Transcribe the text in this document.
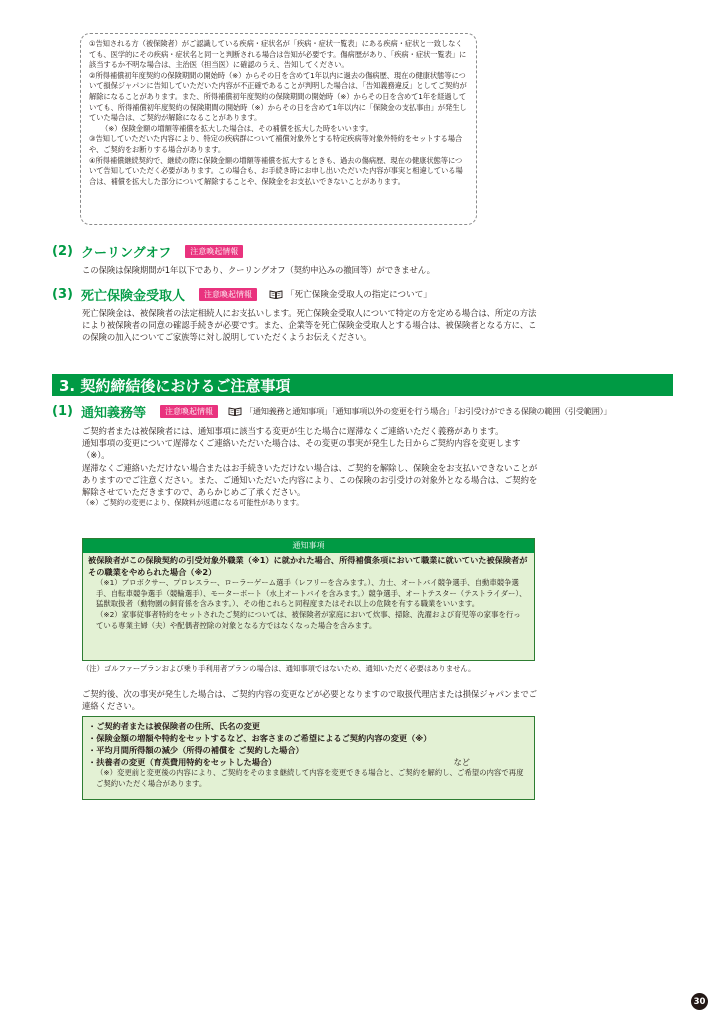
①告知される方（被保険者）がご認識している疾病・症状名が「疾病・症状一覧表」にある疾病・症状と一致しなくても、医学的にその疾病・症状名と同一と判断される場合は告知が必要です。傷病歴があり、「疾病・症状一覧表」に該当するか不明な場合は、主治医（担当医）に確認のうえ、告知してください。

②所得補償初年度契約の保険期間の開始時（※）からその日を含めて1年以内に過去の傷病歴、現在の健康状態等について損保ジャパンに告知していただいた内容が不正確であることが判明した場合は、「告知義務違反」としてご契約が解除になることがあります。また、所得補償初年度契約の保険期間の開始時（※）からその日を含めて1年を経過していても、所得補償初年度契約の保険期間の開始時（※）からその日を含めて1年以内に「保険金の支払事由」が発生していた場合は、ご契約が解除になることがあります。

（※）保険金額の増額等補償を拡大した場合は、その補償を拡大した時をいいます。

③告知していただいた内容により、特定の疾病群について補償対象外とする特定疾病等対象外特約をセットする場合や、ご契約をお断りする場合があります。

④所得補償継続契約で、継続の際に保険金額の増額等補償を拡大するときも、過去の傷病歴、現在の健康状態等について告知していただく必要があります。この場合も、お手続き時にお申し出いただいた内容が事実と相違している場合は、補償を拡大した部分について解除することや、保険金をお支払いできないことがあります。

(2) クーリングオフ	注意喚起情報

この保険は保険期間が1年以下であり、クーリングオフ（契約申込みの撤回等）ができません。

(3) 死亡保険金受取人	注意喚起情報	「死亡保険金受取人の指定について」

死亡保険金は、被保険者の法定相続人にお支払いします。死亡保険金受取人について特定の方を定める場合は、所定の方法により被保険者の同意の確認手続きが必要です。また、企業等を死亡保険金受取人とする場合は、被保険者となる方に、この保険の加入についてご家族等に対し説明していただくようお伝えください。

3. 契約締結後におけるご注意事項
(1) 通知義務等	注意喚起情報	「通知義務と通知事項」「通知事項以外の変更を行う場合」「お引受けができる保険の範囲（引受範囲）」

ご契約者または被保険者には、通知事項に該当する変更が生じた場合に遅滞なくご連絡いただく義務があります。

通知事項の変更について遅滞なくご連絡いただいた場合は、その変更の事実が発生した日からご契約内容を変更します（※）。

遅滞なくご連絡いただけない場合またはお手続きいただけない場合は、ご契約を解除し、保険金をお支払いできないことがありますのでご注意ください。また、ご通知いただいた内容により、この保険のお引受けの対象外となる場合は、ご契約を解除させていただきますので、あらかじめご了承ください。

（※）ご契約の変更により、保険料が返還になる可能性があります。

通知事項

被保険者がこの保険契約の引受対象外職業（※1）に就かれた場合、所得補償条項において職業に就いていた被保険者がその職業をやめられた場合（※2）

（※1）プロボクサー、プロレスラー、ローラーゲーム選手（レフリーを含みます。）、力士、オートバイ競争選手、自動車競争選手、自転車競争選手（競輪選手）、モーターボート（水上オートバイを含みます。）競争選手、オートテスター（テストライダー）、猛獣取扱者（動物園の飼育係を含みます。）、その他これらと同程度またはそれ以上の危険を有する職業をいいます。

（※2）家事従事者特約をセットされたご契約については、被保険者が家庭において炊事、掃除、洗濯および育児等の家事を行っている専業主婦（夫）や配偶者控除の対象となる方ではなくなった場合を含みます。

（注）ゴルファープランおよび乗り手利用者プランの場合は、通知事項ではないため、通知いただく必要はありません。

ご契約後、次の事実が発生した場合は、ご契約内容の変更などが必要となりますので取扱代理店または損保ジャパンまでご連絡ください。

・ご契約者または被保険者の住所、氏名の変更

・保険金額の増額や特約をセットするなど、お客さまのご希望によるご契約内容の変更（※）

・平均月間所得額の減少（所得の補償を ご契約した場合）

・扶養者の変更（育英費用特約をセットした場合）	など

（※）変更前と変更後の内容により、ご契約をそのまま継続して内容を変更できる場合と、ご契約を解約し、ご希望の内容で再度ご契約いただく場合があります。

30
